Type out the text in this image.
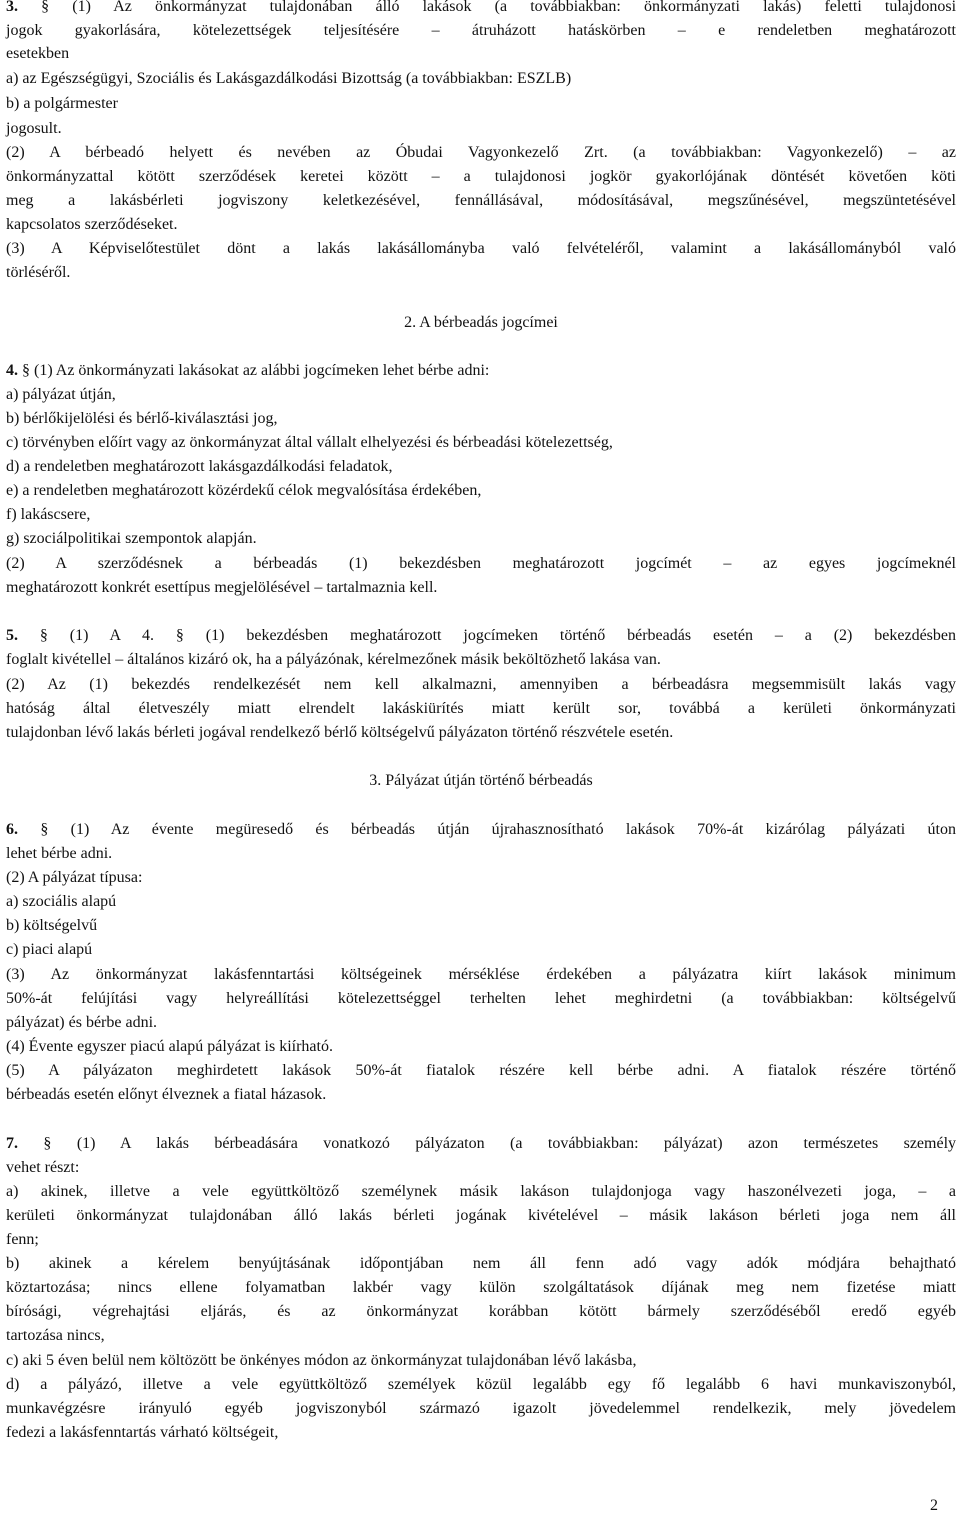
3. § (1) Az önkormányzat tulajdonában álló lakások (a továbbiakban: önkormányzati lakás) feletti tulajdonosi
jogok gyakorlására, kötelezettségek teljesítésére – átruházott hatáskörben – e rendeletben meghatározott
esetekben
a) az Egészségügyi, Szociális és Lakásgazdálkodási Bizottság (a továbbiakban: ESZLB)
b) a polgármester
jogosult.
(2) A bérbeadó helyett és nevében az Óbudai Vagyonkezelő Zrt. (a továbbiakban: Vagyonkezelő) – az
önkormányzattal kötött szerződések keretei között – a tulajdonosi jogkör gyakorlójának döntését követően köti
meg a lakásbérleti jogviszony keletkezésével, fennállásával, módosításával, megszűnésével, megszüntetésével
kapcsolatos szerződéseket.
(3) A Képviselőtestület dönt a lakás lakásállományba való felvételéről, valamint a lakásállományból való
törléséről.
2. A bérbeadás jogcímei
4. § (1) Az önkormányzati lakásokat az alábbi jogcímeken lehet bérbe adni:
a) pályázat útján,
b) bérlőkijelölési és bérlő-kiválasztási jog,
c) törvényben előírt vagy az önkormányzat által vállalt elhelyezési és bérbeadási kötelezettség,
d) a rendeletben meghatározott lakásgazdálkodási feladatok,
e) a rendeletben meghatározott közérdekű célok megvalósítása érdekében,
f) lakáscsere,
g) szociálpolitikai szempontok alapján.
(2) A szerződésnek a bérbeadás (1) bekezdésben meghatározott jogcímét – az egyes jogcímeknél
meghatározott konkrét esettípus megjelölésével – tartalmaznia kell.
5. § (1) A 4. § (1) bekezdésben meghatározott jogcímeken történő bérbeadás esetén – a (2) bekezdésben
foglalt kivétellel – általános kizáró ok, ha a pályázónak, kérelmezőnek másik beköltözhető lakása van.
(2) Az (1) bekezdés rendelkezését nem kell alkalmazni, amennyiben a bérbeadásra megsemmisült lakás vagy
hatóság által életveszély miatt elrendelt lakáskiürítés miatt került sor, továbbá a kerületi önkormányzati
tulajdonban lévő lakás bérleti jogával rendelkező bérlő költségelvű pályázaton történő részvétele esetén.
3. Pályázat útján történő bérbeadás
6. § (1) Az évente megüresedő és bérbeadás útján újrahasznosítható lakások 70%-át kizárólag pályázati úton
lehet bérbe adni.
(2) A pályázat típusa:
a) szociális alapú
b) költségelvű
c) piaci alapú
(3) Az önkormányzat lakásfenntartási költségeinek mérséklése érdekében a pályázatra kiírt lakások minimum
50%-át felújítási vagy helyreállítási kötelezettséggel terhelten lehet meghirdetni (a továbbiakban: költségelvű
pályázat) és bérbe adni.
(4) Évente egyszer piacú alapú pályázat is kiírható.
(5) A pályázaton meghirdetett lakások 50%-át fiatalok részére kell bérbe adni. A fiatalok részére történő
bérbeadás esetén előnyt élveznek a fiatal házasok.
7. § (1) A lakás bérbeadására vonatkozó pályázaton (a továbbiakban: pályázat) azon természetes személy
vehet részt:
a) akinek, illetve a vele együttköltöző személynek másik lakáson tulajdonjoga vagy haszonélvezeti joga, – a
kerületi önkormányzat tulajdonában álló lakás bérleti jogának kivételével – másik lakáson bérleti joga nem áll
fenn;
b) akinek a kérelem benyújtásának időpontjában nem áll fenn adó vagy adók módjára behajtható
köztartozása; nincs ellene folyamatban lakbér vagy külön szolgáltatások díjának meg nem fizetése miatt
bírósági, végrehajtási eljárás, és az önkormányzat korábban kötött bármely szerződéséből eredő egyéb
tartozása nincs,
c) aki 5 éven belül nem költözött be önkényes módon az önkormányzat tulajdonában lévő lakásba,
d) a pályázó, illetve a vele együttköltöző személyek közül legalább egy fő legalább 6 havi munkaviszonyból,
munkavégzésre irányuló egyéb jogviszonyból származó igazolt jövedelemmel rendelkezik, mely jövedelem
fedezi a lakásfenntartás várható költségeit,
2
